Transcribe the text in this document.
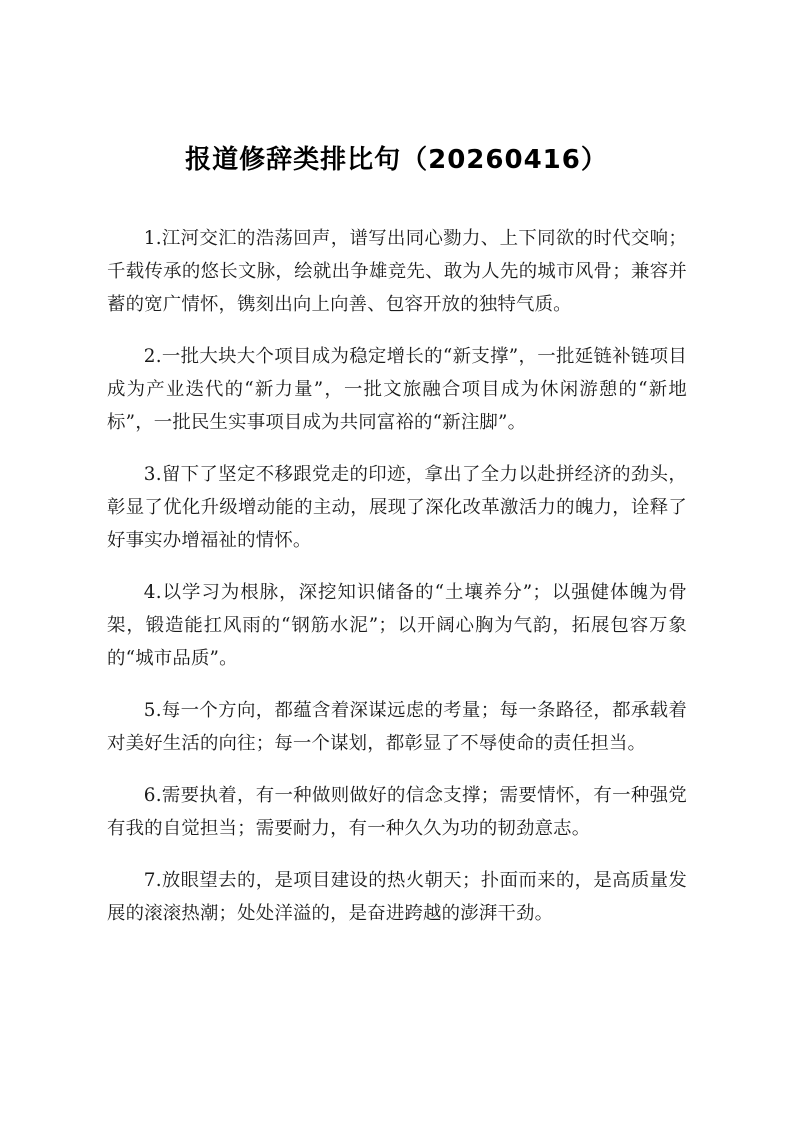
报道修辞类排比句（20260416）

1.江河交汇的浩荡回声，谱写出同心勠力、上下同欲的时代交响；千载传承的悠长文脉，绘就出争雄竞先、敢为人先的城市风骨；兼容并蓄的宽广情怀，镌刻出向上向善、包容开放的独特气质。

2.一批大块大个项目成为稳定增长的“新支撑”，一批延链补链项目成为产业迭代的“新力量”，一批文旅融合项目成为休闲游憩的“新地标”，一批民生实事项目成为共同富裕的“新注脚”。

3.留下了坚定不移跟党走的印迹，拿出了全力以赴拼经济的劲头，彰显了优化升级增动能的主动，展现了深化改革激活力的魄力，诠释了好事实办增福祉的情怀。

4.以学习为根脉，深挖知识储备的“土壤养分”；以强健体魄为骨架，锻造能扛风雨的“钢筋水泥”；以开阔心胸为气韵，拓展包容万象的“城市品质”。

5.每一个方向，都蕴含着深谋远虑的考量；每一条路径，都承载着对美好生活的向往；每一个谋划，都彰显了不辱使命的责任担当。

6.需要执着，有一种做则做好的信念支撑；需要情怀，有一种强党有我的自觉担当；需要耐力，有一种久久为功的韧劲意志。

7.放眼望去的，是项目建设的热火朝天；扑面而来的，是高质量发展的滚滚热潮；处处洋溢的，是奋进跨越的澎湃干劲。
